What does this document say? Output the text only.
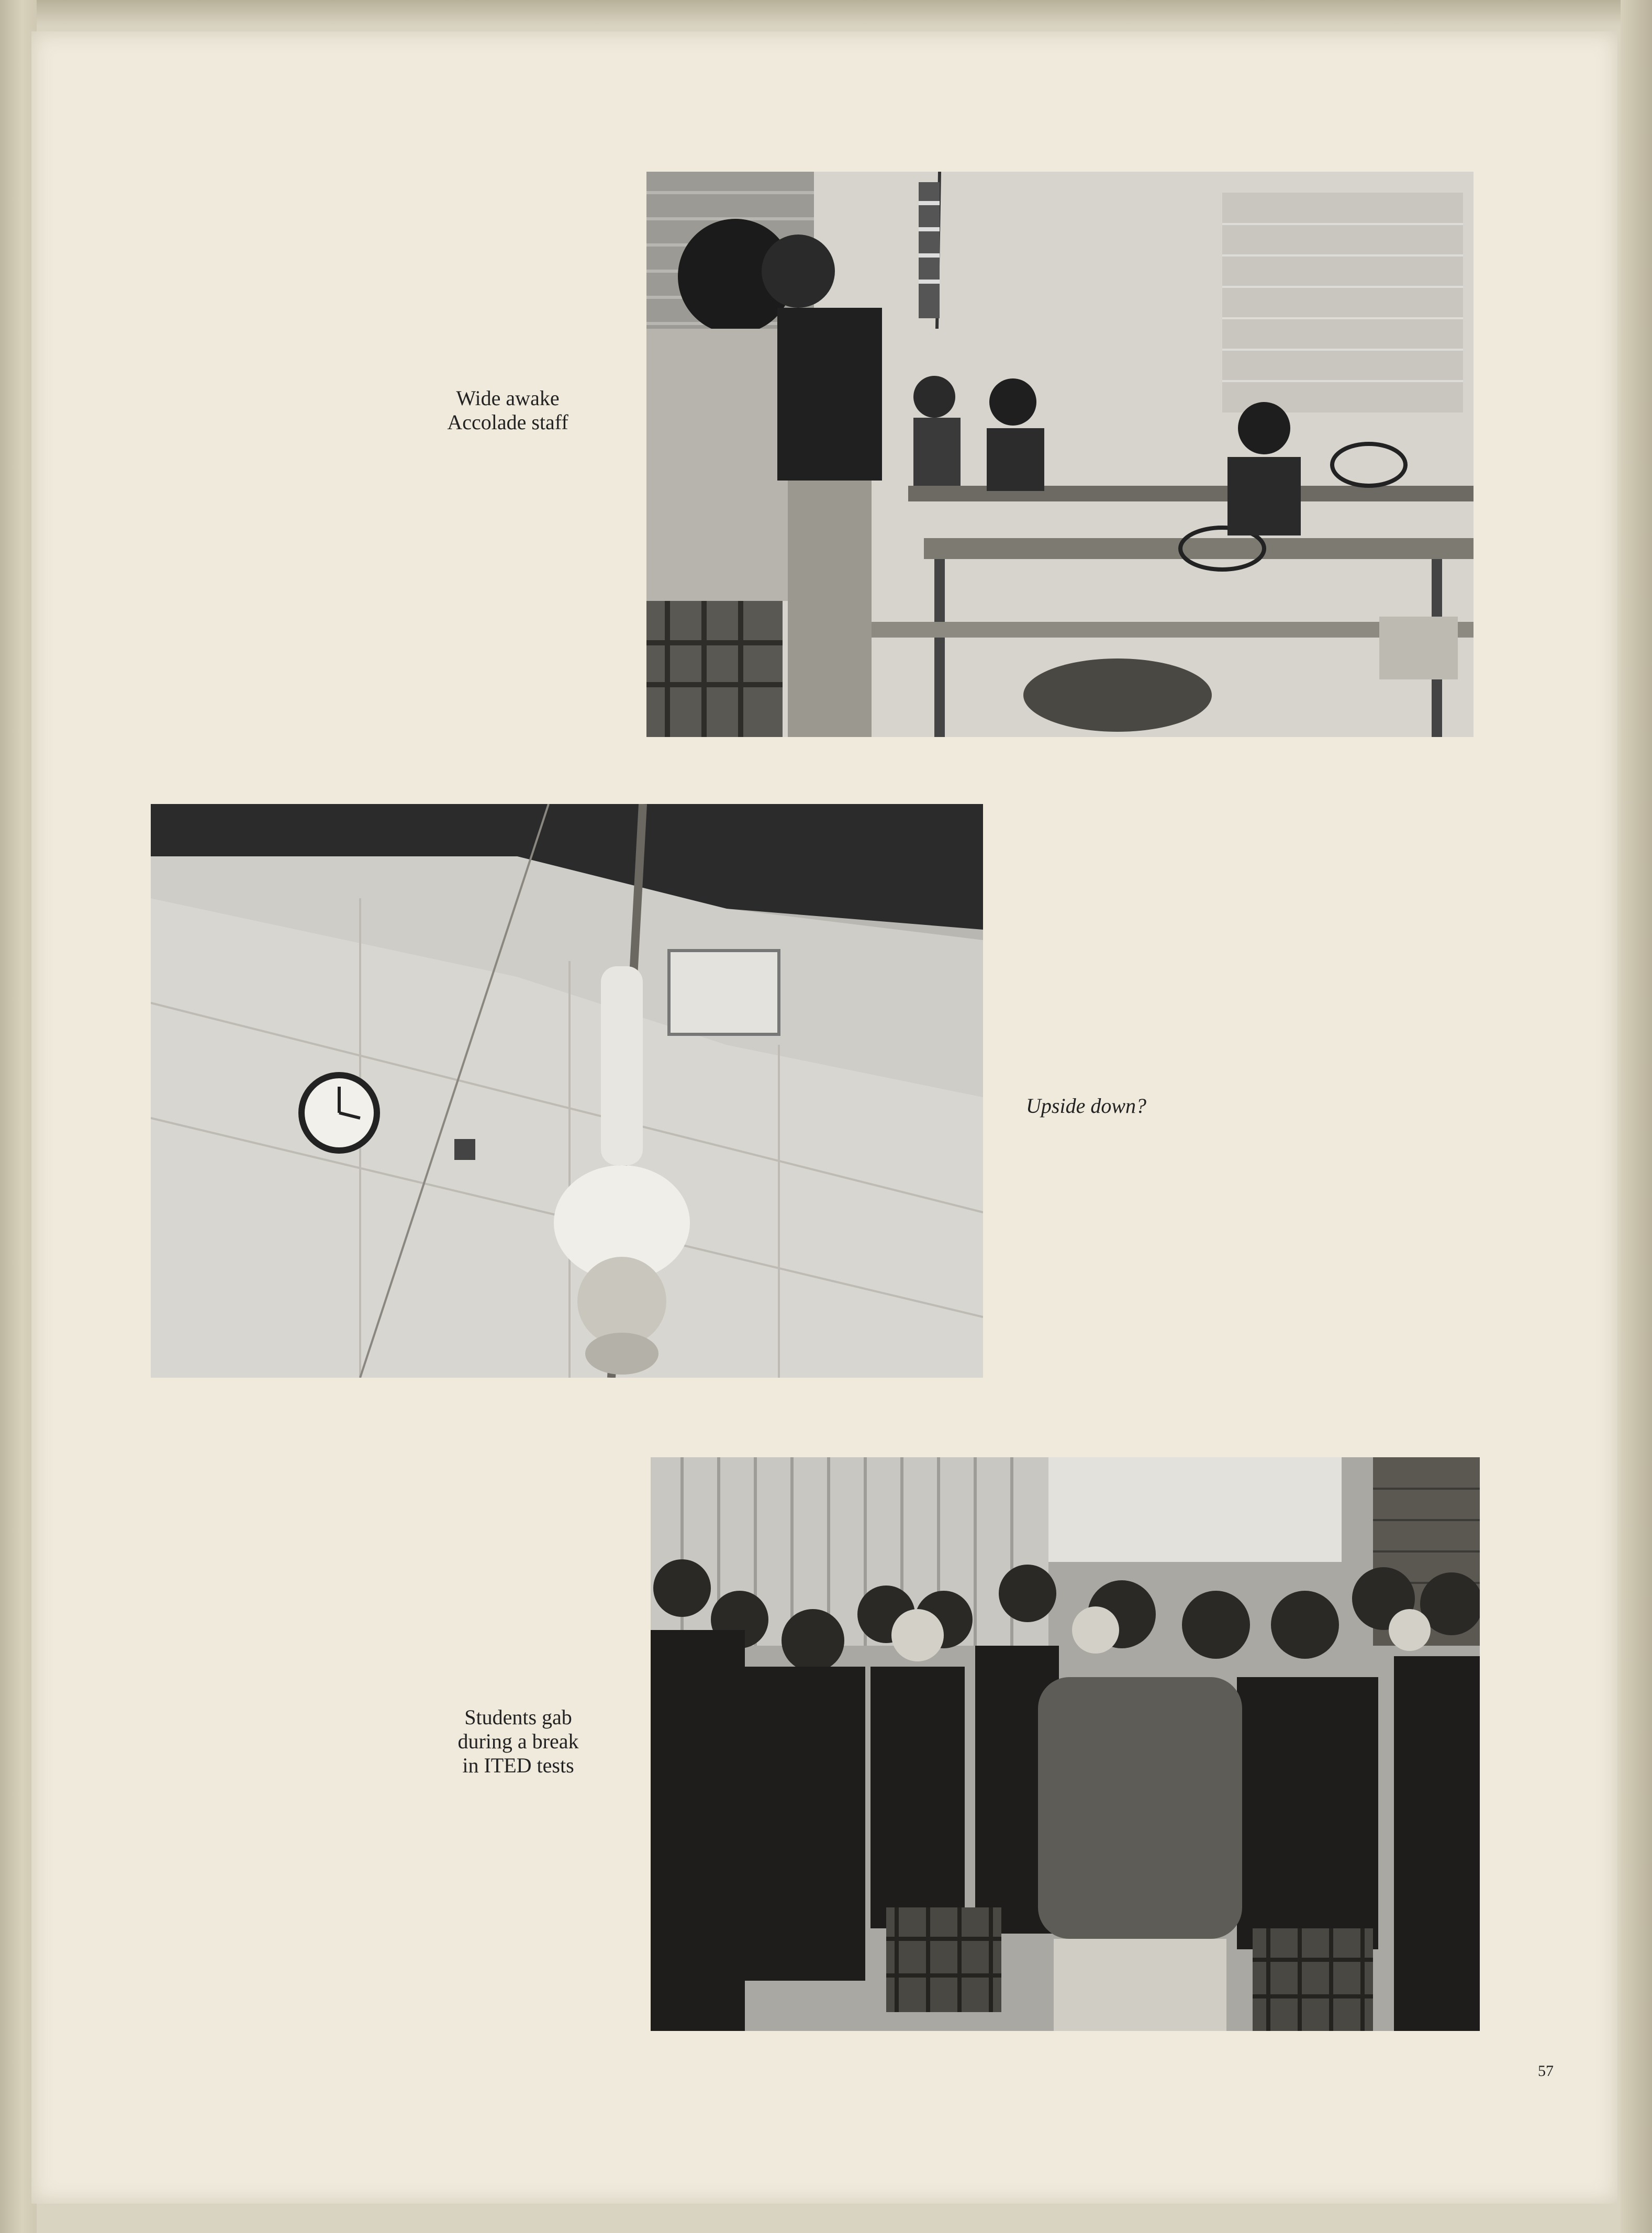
Wide awake
Accolade staff
Upside down?
Students gab
during a break
in ITED tests
57
